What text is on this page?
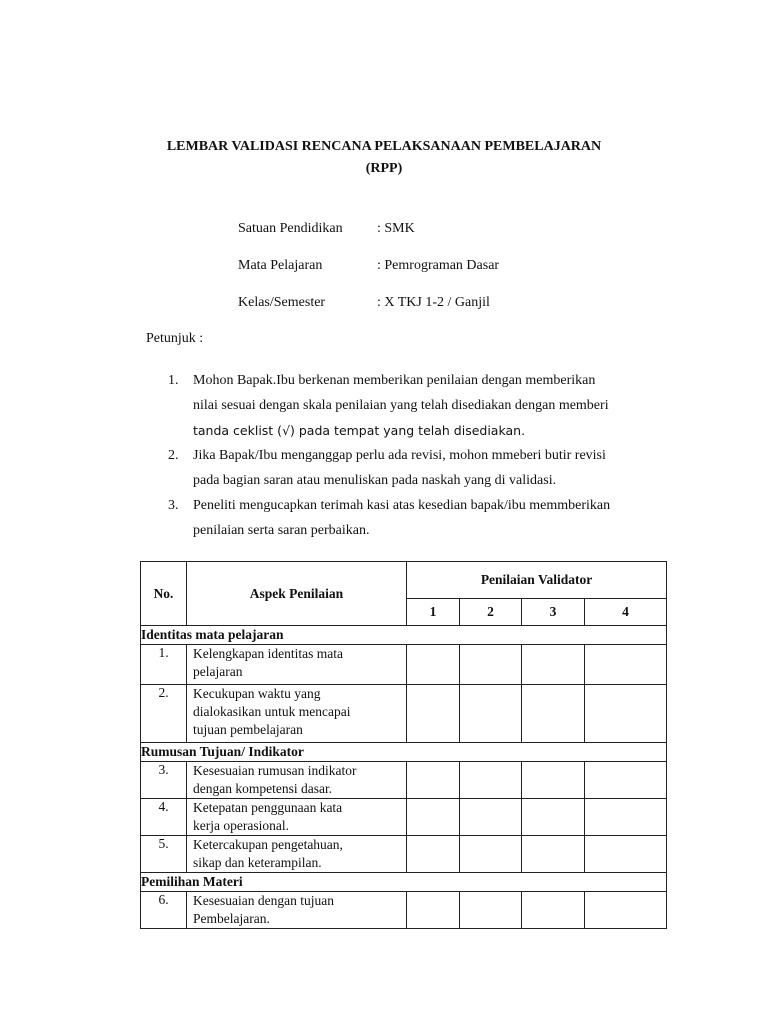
LEMBAR VALIDASI RENCANA PELAKSANAAN PEMBELAJARAN
(RPP)
Satuan Pendidikan : SMK
Mata Pelajaran	: Pemrograman Dasar
Kelas/Semester	: X TKJ 1-2 / Ganjil
Petunjuk :
1. Mohon Bapak.Ibu berkenan memberikan penilaian dengan memberikan
nilai sesuai dengan skala penilaian yang telah disediakan dengan memberi
tanda ceklist (√) pada tempat yang telah disediakan.
2. Jika Bapak/Ibu menganggap perlu ada revisi, mohon mmeberi butir revisi
pada bagian saran atau menuliskan pada naskah yang di validasi.
3. Peneliti mengucapkan terimah kasi atas kesedian bapak/ibu memmberikan
penilaian serta saran perbaikan.
No.	Aspek Penilaian	Penilaian Validator			
		1	2	3	4
Identitas mata pelajaran					
1.	Kelengkapan identitas mata
pelajaran				

2.	Kecukupan waktu yang
dialokasikan untuk mencapai
tujuan pembelajaran				

Rumusan Tujuan/ Indikator					
3.	Kesesuaian rumusan indikator
dengan kompetensi dasar.				

4.	Ketepatan penggunaan kata
kerja operasional.				

5.	Ketercakupan pengetahuan,
sikap dan keterampilan.				

Pemilihan Materi					
6.	Kesesuaian dengan tujuan
Pembelajaran.				
